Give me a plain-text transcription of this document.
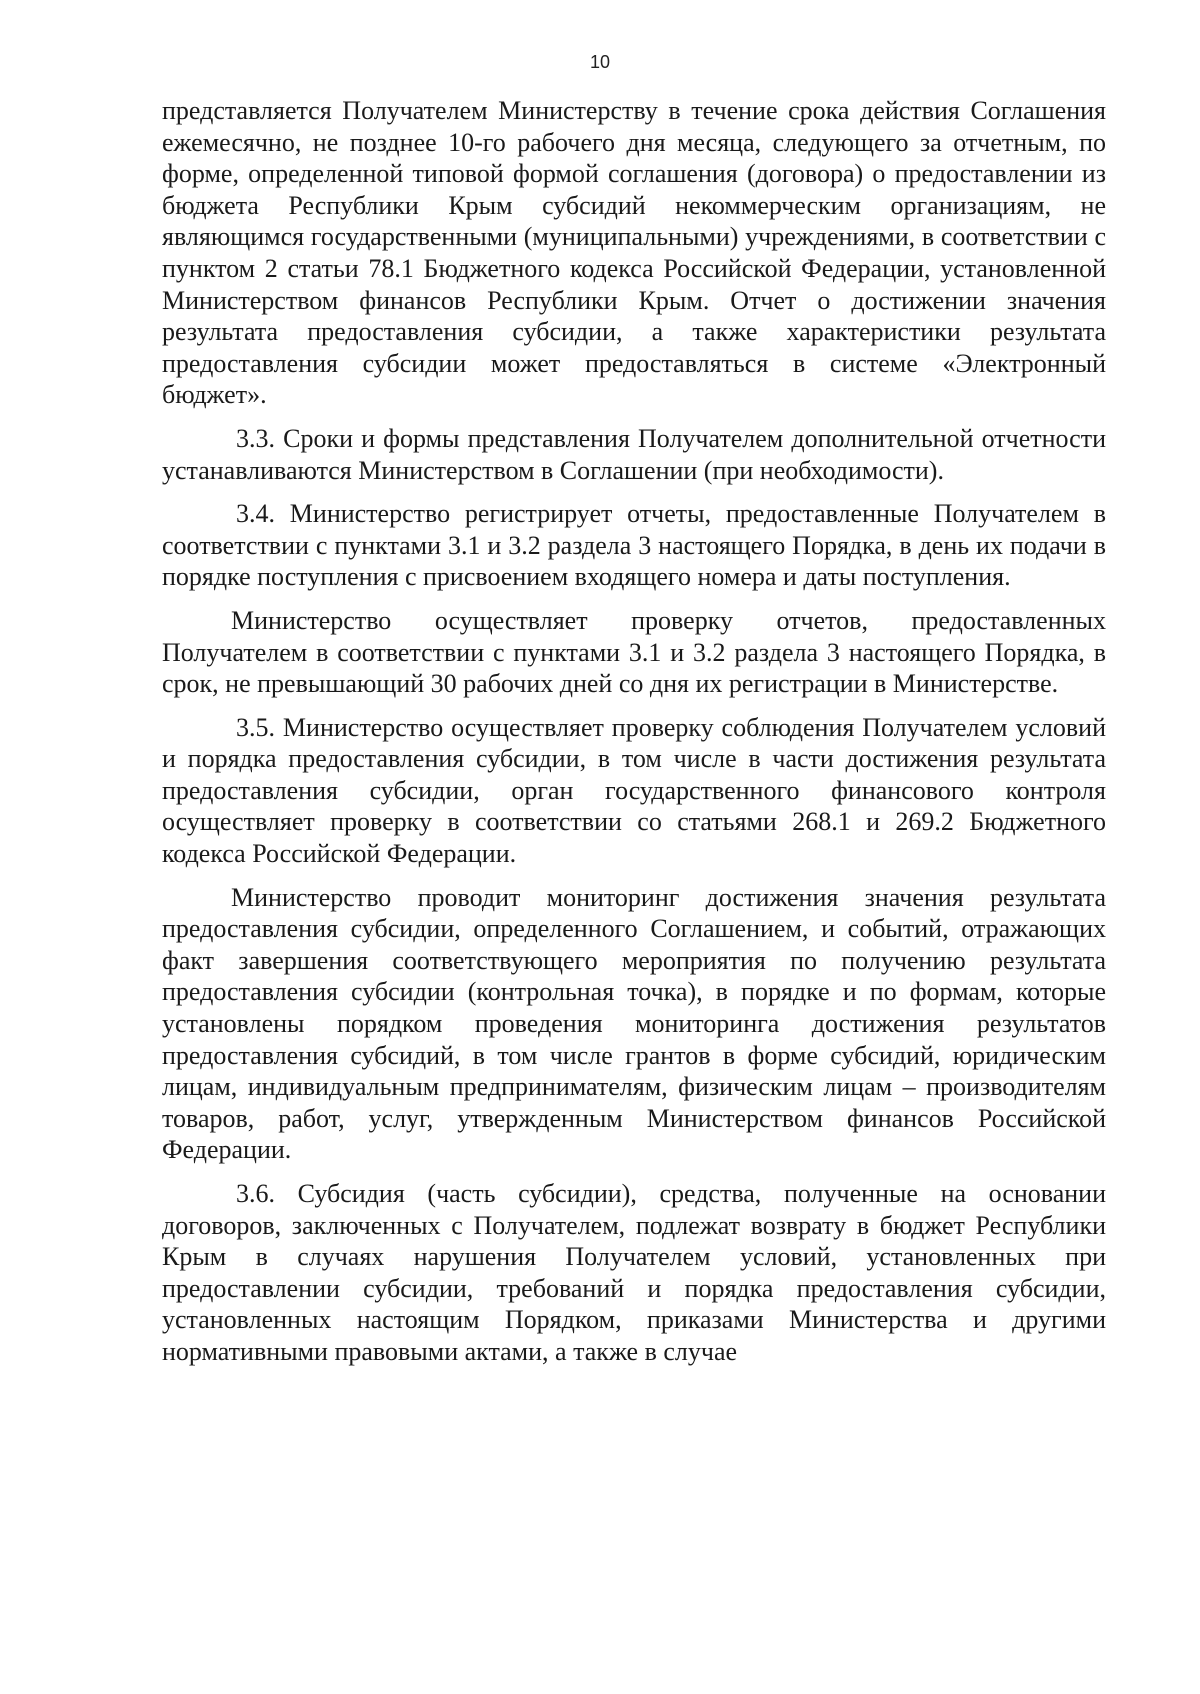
10

представляется Получателем Министерству в течение срока действия Соглашения ежемесячно, не позднее 10-го рабочего дня месяца, следующего за отчетным, по форме, определенной типовой формой соглашения (договора) о предоставлении из бюджета Республики Крым субсидий некоммерческим организациям, не являющимся государственными (муниципальными) учреждениями, в соответствии с пунктом 2 статьи 78.1 Бюджетного кодекса Российской Федерации, установленной Министерством финансов Республики Крым. Отчет о достижении значения результата предоставления субсидии, а также характеристики результата предоставления субсидии может предоставляться в системе «Электронный бюджет».

3.3. Сроки и формы представления Получателем дополнительной отчетности устанавливаются Министерством в Соглашении (при необходимости).

3.4. Министерство регистрирует отчеты, предоставленные Получателем в соответствии с пунктами 3.1 и 3.2 раздела 3 настоящего Порядка, в день их подачи в порядке поступления с присвоением входящего номера и даты поступления.

Министерство осуществляет проверку отчетов, предоставленных Получателем в соответствии с пунктами 3.1 и 3.2 раздела 3 настоящего Порядка, в срок, не превышающий 30 рабочих дней со дня их регистрации в Министерстве.

3.5. Министерство осуществляет проверку соблюдения Получателем условий и порядка предоставления субсидии, в том числе в части достижения результата предоставления субсидии, орган государственного финансового контроля осуществляет проверку в соответствии со статьями 268.1 и 269.2 Бюджетного кодекса Российской Федерации.

Министерство проводит мониторинг достижения значения результата предоставления субсидии, определенного Соглашением, и событий, отражающих факт завершения соответствующего мероприятия по получению результата предоставления субсидии (контрольная точка), в порядке и по формам, которые установлены порядком проведения мониторинга достижения результатов предоставления субсидий, в том числе грантов в форме субсидий, юридическим лицам, индивидуальным предпринимателям, физическим лицам – производителям товаров, работ, услуг, утвержденным Министерством финансов Российской Федерации.

3.6. Субсидия (часть субсидии), средства, полученные на основании договоров, заключенных с Получателем, подлежат возврату в бюджет Республики Крым в случаях нарушения Получателем условий, установленных при предоставлении субсидии, требований и порядка предоставления субсидии, установленных настоящим Порядком, приказами Министерства и другими нормативными правовыми актами, а также в случае
